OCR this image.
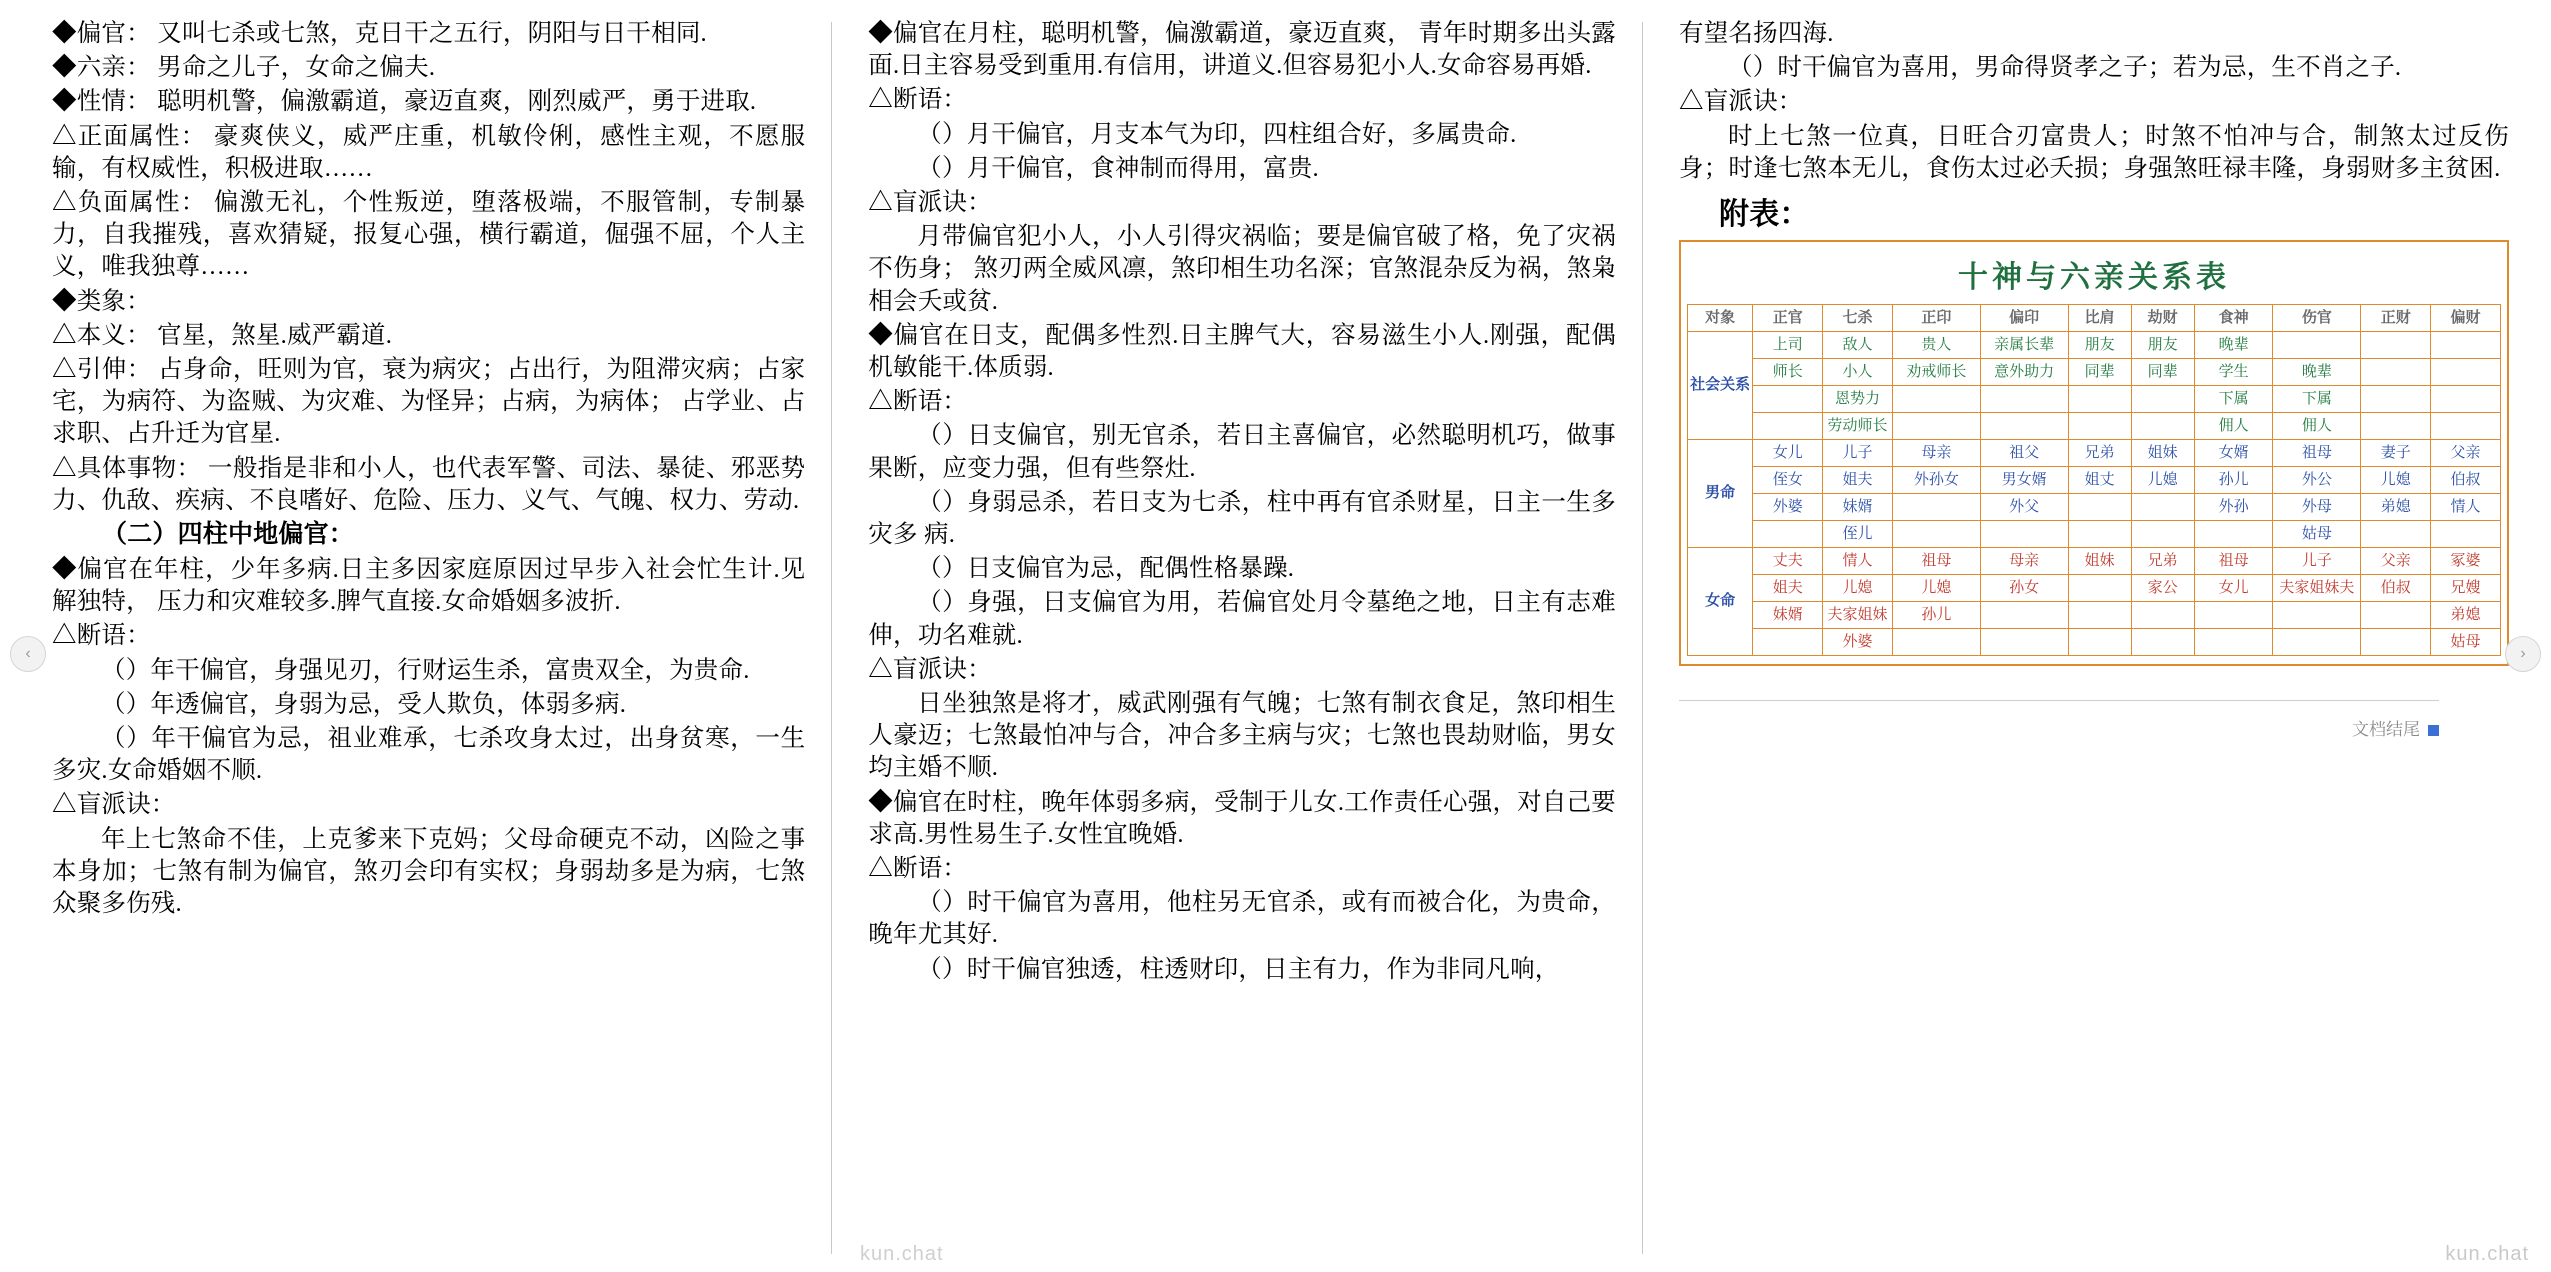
◆偏官： 又叫七杀或七煞，克日干之五行，阴阳与日干相同.

◆六亲： 男命之儿子，女命之偏夫.

◆性情： 聪明机警，偏激霸道，豪迈直爽，刚烈威严，勇于进取.

△正面属性： 豪爽侠义，威严庄重，机敏伶俐，感性主观，不愿服输，有权威性，积极进取……

△负面属性： 偏激无礼，个性叛逆，堕落极端，不服管制，专制暴力，自我摧残，喜欢猜疑，报复心强，横行霸道，倔强不屈，个人主义，唯我独尊……

◆类象：

△本义： 官星，煞星.威严霸道.

△引伸： 占身命，旺则为官，衰为病灾；占出行，为阻滞灾病；占家宅，为病符、为盗贼、为灾难、为怪异；占病，为病体； 占学业、占求职、占升迁为官星.

△具体事物： 一般指是非和小人，也代表军警、司法、暴徒、邪恶势力、仇敌、疾病、不良嗜好、危险、压力、义气、气魄、权力、劳动.

（二）四柱中地偏官：

◆偏官在年柱，少年多病.日主多因家庭原因过早步入社会忙生计.见解独特， 压力和灾难较多.脾气直接.女命婚姻多波折.

△断语：

（）年干偏官，身强见刃，行财运生杀，富贵双全，为贵命.

（）年透偏官，身弱为忌，受人欺负，体弱多病.

（）年干偏官为忌，祖业难承，七杀攻身太过，出身贫寒，一生多灾.女命婚姻不顺.

△盲派诀：

年上七煞命不佳，上克爹来下克妈；父母命硬克不动，凶险之事本身加；七煞有制为偏官，煞刃会印有实权；身弱劫多是为病，七煞众聚多伤残.

◆偏官在月柱，聪明机警，偏激霸道，豪迈直爽， 青年时期多出头露面.日主容易受到重用.有信用，讲道义.但容易犯小人.女命容易再婚.

△断语：

（）月干偏官，月支本气为印，四柱组合好，多属贵命.

（）月干偏官，食神制而得用，富贵.

△盲派诀：

月带偏官犯小人，小人引得灾祸临；要是偏官破了格，免了灾祸不伤身； 煞刃两全威风凛，煞印相生功名深；官煞混杂反为祸，煞枭相会夭或贫.

◆偏官在日支，配偶多性烈.日主脾气大，容易滋生小人.刚强，配偶机敏能干.体质弱.

△断语：

（）日支偏官，别无官杀，若日主喜偏官，必然聪明机巧，做事果断，应变力强，但有些祭灶.

（）身弱忌杀，若日支为七杀，柱中再有官杀财星，日主一生多灾多 病.

（）日支偏官为忌，配偶性格暴躁.

（）身强，日支偏官为用，若偏官处月令墓绝之地，日主有志难伸，功名难就.

△盲派诀：

日坐独煞是将才，威武刚强有气魄；七煞有制衣食足，煞印相生人豪迈；七煞最怕冲与合，冲合多主病与灾；七煞也畏劫财临，男女均主婚不顺.

◆偏官在时柱，晚年体弱多病，受制于儿女.工作责任心强，对自己要求高.男性易生子.女性宜晚婚.

△断语：

（）时干偏官为喜用，他柱另无官杀，或有而被合化，为贵命，晚年尤其好.

（）时干偏官独透，柱透财印，日主有力，作为非同凡响，

有望名扬四海.

（）时干偏官为喜用，男命得贤孝之子；若为忌，生不肖之子.

△盲派诀：

时上七煞一位真，日旺合刃富贵人；时煞不怕冲与合，制煞太过反伤身；时逢七煞本无儿，食伤太过必夭损；身强煞旺禄丰隆，身弱财多主贫困.

附表：

十神与六亲关系表
对象	正官	七杀	正印	偏印	比肩	劫财	食神	伤官	正财	偏财
社会关系	上司	敌人	贵人	亲属长辈	朋友	朋友	晚辈			
	师长	小人	劝戒师长	意外助力	同辈	同辈	学生	晚辈		
		恩势力					下属	下属		
		劳动师长					佣人	佣人		
男命	女儿	儿子	母亲	祖父	兄弟	姐妹	女婿	祖母	妻子	父亲
	侄女	姐夫	外孙女	男女婿	姐丈	儿媳	孙儿	外公	儿媳	伯叔
	外婆	妹婿		外父			外孙	外母	弟媳	情人
		侄儿						姑母		
女命	丈夫	情人	祖母	母亲	姐妹	兄弟	祖母	儿子	父亲	冢婆
	姐夫	儿媳	儿媳	孙女		家公	女儿	夫家姐妹夫	伯叔	兄嫂
	妹婿	夫家姐妹	孙儿							弟媳
		外婆								姑母
文档结尾
‹	›
kun.chat	kun.chat
